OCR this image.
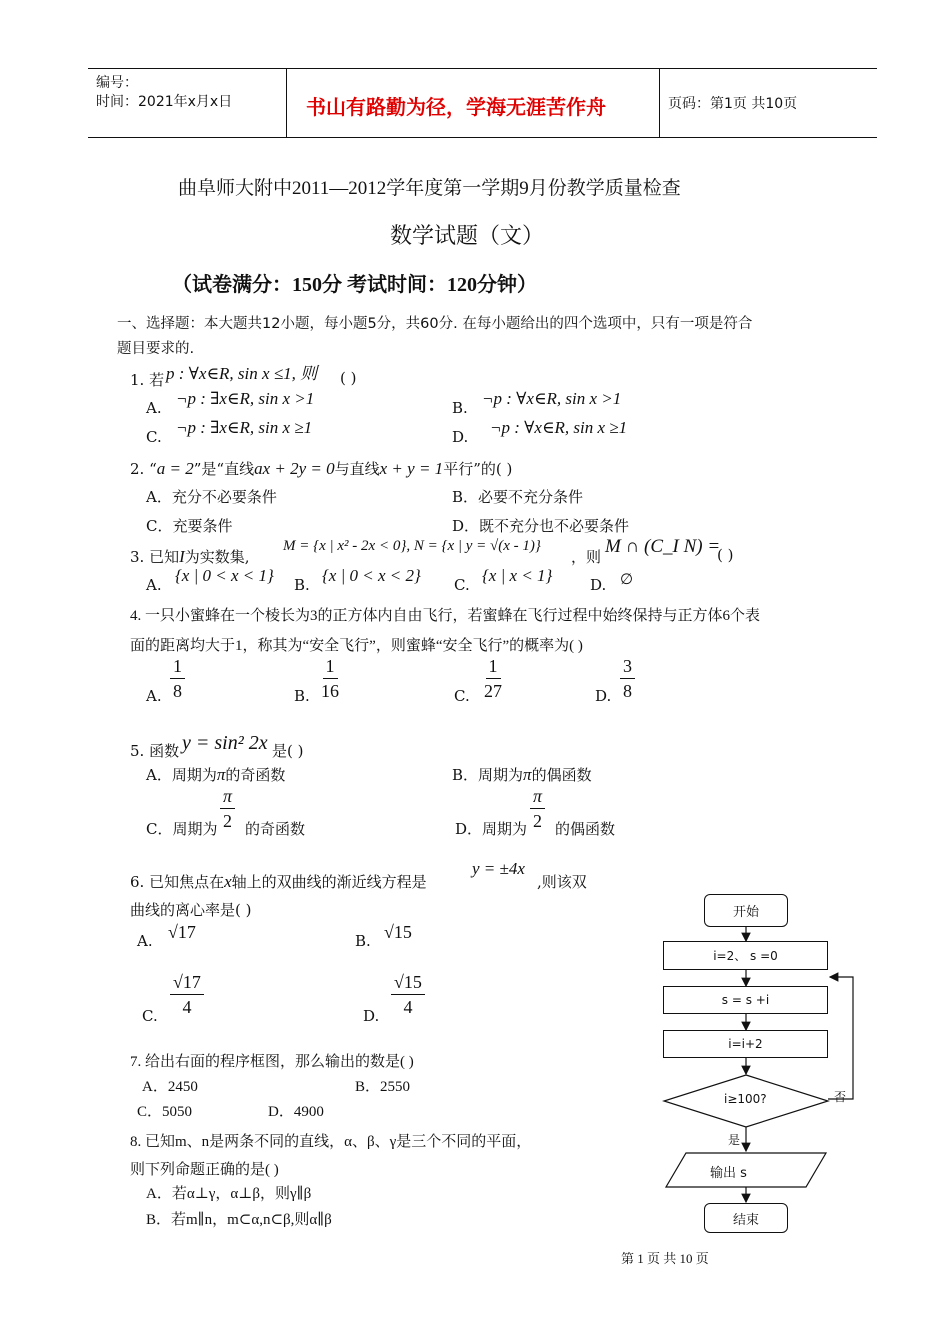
编号：
时间：2021年x月x日	书山有路勤为径，学海无涯苦作舟	页码：第1页 共10页
曲阜师大附中2011—2012学年度第一学期9月份教学质量检查
数学试题（文）
（试卷满分：150分 考试时间：120分钟）
一、选择题：本大题共12小题，每小题5分，共60分. 在每小题给出的四个选项中，只有一项是符合
题目要求的.
1. 若 p : ∀x∈R, sin x ≤1, 则 ( )
A. ¬p : ∃x∈R, sin x >1	B. ¬p : ∀x∈R, sin x >1
C. ¬p : ∃x∈R, sin x ≥1	D. ¬p : ∀x∈R, sin x ≥1
2. “a = 2”是“直线ax + 2y = 0与直线x + y = 1平行”的( )
A．充分不必要条件	B．必要不充分条件
C．充要条件	D．既不充分也不必要条件
3. 已知I为实数集,
M = {x | x² - 2x < 0}, N = {x | y = √(x - 1)}
，则 M ∩ (C_I N) =
( )
A. {x | 0 < x < 1} B. {x | 0 < x < 2} C. {x | x < 1}	D. ∅
4. 一只小蜜蜂在一个棱长为3的正方体内自由飞行，若蜜蜂在飞行过程中始终保持与正方体6个表
面的距离均大于1，称其为“安全飞行”，则蜜蜂“安全飞行”的概率为( )
A. $\frac{1}{8}$	B. $\frac{1}{16}$	C. $\frac{1}{27}$	D. $\frac{3}{8}$
5. 函数 y = sin² 2x 是( )
A．周期为π的奇函数	B．周期为π的偶函数
C．周期为 $\frac{\pi}{2}$ 的奇函数	D．周期为 $\frac{\pi}{2}$ 的偶函数
6. 已知焦点在x轴上的双曲线的渐近线方程是
y = ±4x
,则该双
曲线的离心率是( )
A. √17	B. √15
C. $\frac{√17}{4}$	D. $\frac{√15}{4}$
7. 给出右面的程序框图，那么输出的数是( )
A．2450	B．2550
C．5050	D．4900
8. 已知m、n是两条不同的直线，α、β、γ是三个不同的平面，
则下列命题正确的是( )
A．若α⊥γ，α⊥β，则γ∥β
B．若m∥n，m⊂α,n⊂β,则α∥β
开始
i=2、 s =0
s = s +i
i=i+2
i≥100?	否
是
输出 s
结束
第 1 页 共 10 页
